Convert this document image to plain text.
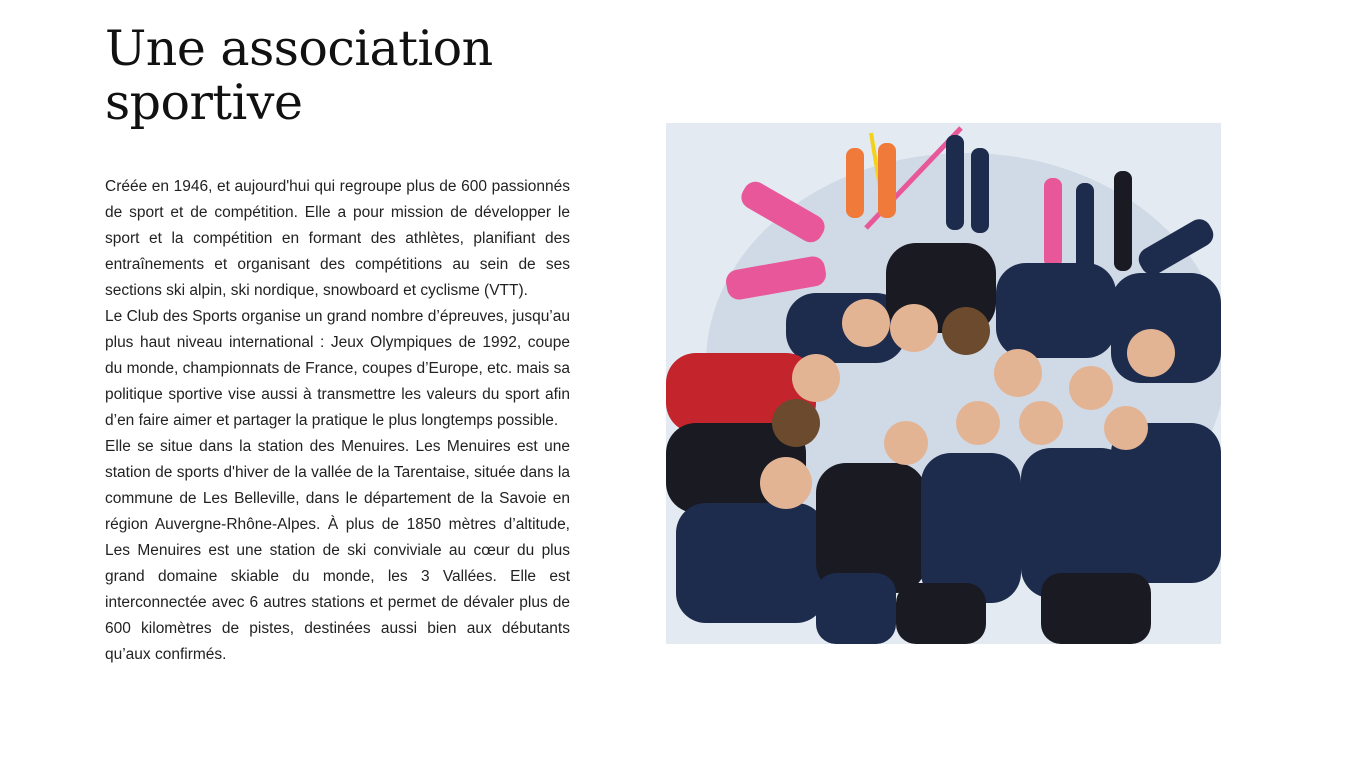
Une association
sportive

Créée en 1946, et aujourd'hui qui regroupe plus de 600 passionnés de sport et de compétition. Elle a pour mission de développer le sport et la compétition en formant des athlètes, planifiant des entraînements et organisant des compétitions au sein de ses sections ski alpin, ski nordique, snowboard et cyclisme (VTT).

Le Club des Sports organise un grand nombre d’épreuves, jusqu’au plus haut niveau international : Jeux Olympiques de 1992, coupe du monde, championnats de France, coupes d’Europe, etc. mais sa politique sportive vise aussi à transmettre les valeurs du sport afin d’en faire aimer et partager la pratique le plus longtemps possible.

Elle se situe dans la station des Menuires. Les Menuires est une station de sports d'hiver de la vallée de la Tarentaise, située dans la commune de Les Belleville, dans le département de la Savoie en région Auvergne-Rhône-Alpes. À plus de 1850 mètres d’altitude, Les Menuires est une station de ski conviviale au cœur du plus grand domaine skiable du monde, les 3 Vallées. Elle est interconnectée avec 6 autres stations et permet de dévaler plus de 600 kilomètres de pistes, destinées aussi bien aux débutants qu’aux confirmés.
